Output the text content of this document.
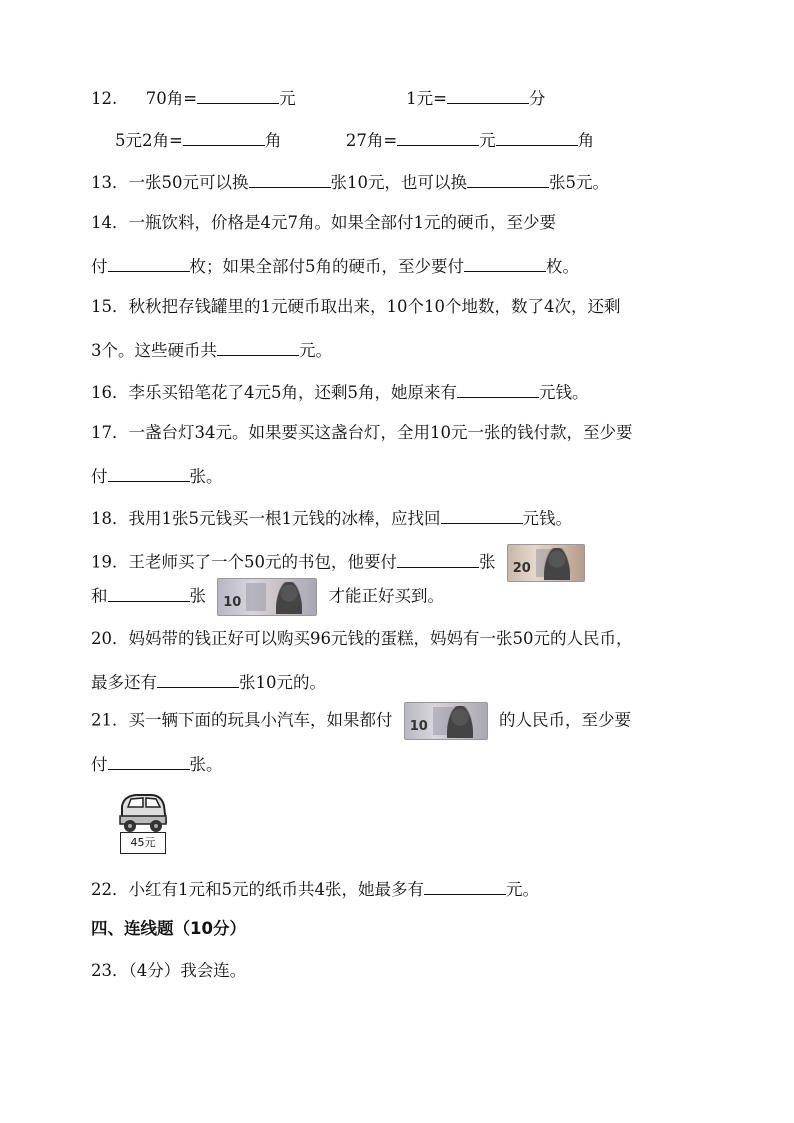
12. 70角=	元	1元=	分
5元2角=	角	27角=	元	角
13．一张50元可以换	张10元，也可以换	张5元。
14．一瓶饮料，价格是4元7角。如果全部付1元的硬币，至少要
付	枚；如果全部付5角的硬币，至少要付	枚。
15．秋秋把存钱罐里的1元硬币取出来，10个10个地数，数了4次，还剩
3个。这些硬币共	元。
16．李乐买铅笔花了4元5角，还剩5角，她原来有	元钱。
17．一盏台灯34元。如果要买这盏台灯，全用10元一张的钱付款，至少要
付	张。
18．我用1张5元钱买一根1元钱的冰棒，应找回	元钱。
19．王老师买了一个50元的书包，他要付	张 20
和	张 10	才能正好买到。
20．妈妈带的钱正好可以购买96元钱的蛋糕，妈妈有一张50元的人民币，
最多还有	张10元的。
21．买一辆下面的玩具小汽车，如果都付 10	的人民币，至少要
付	张。
45元
22．小红有1元和5元的纸币共4张，她最多有	元。
四、连线题（10分）
23．（4分）我会连。
